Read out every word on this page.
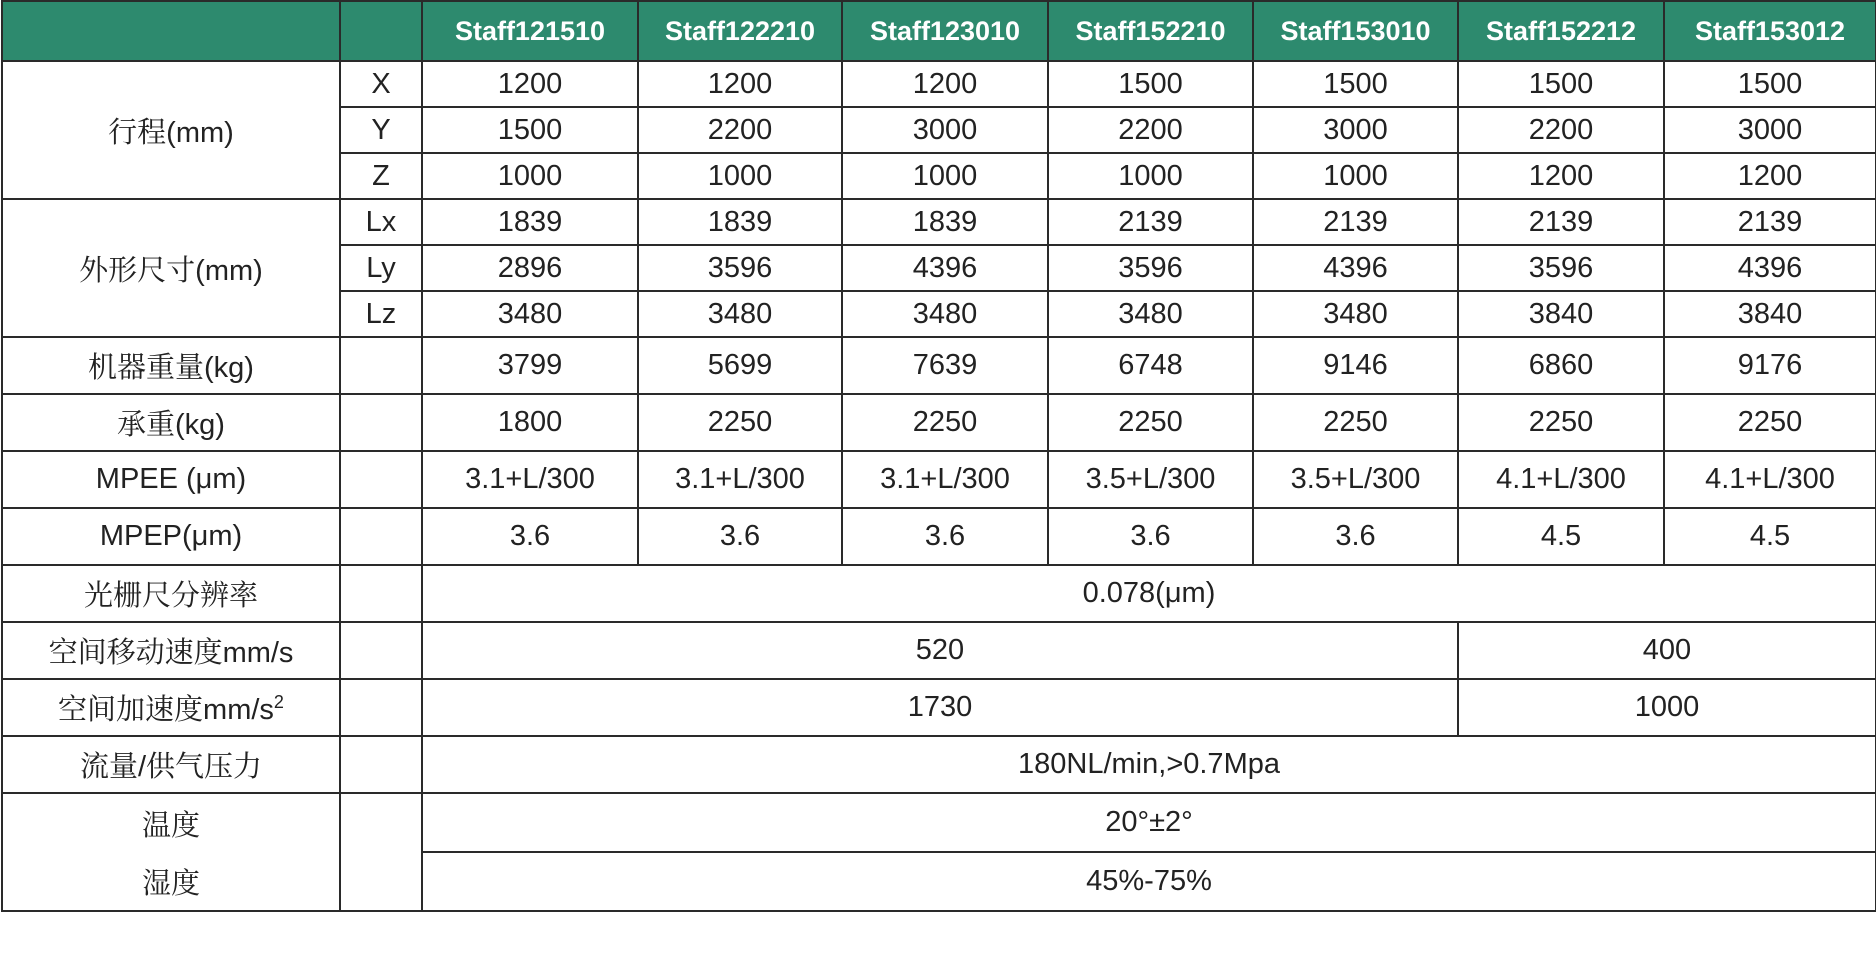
		Staff121510	Staff122210	Staff123010	Staff152210	Staff153010	Staff152212	Staff153012
行程(mm)	X	1200	1200	1200	1500	1500	1500	1500
	Y	1500	2200	3000	2200	3000	2200	3000
	Z	1000	1000	1000	1000	1000	1200	1200
外形尺寸(mm)	Lx	1839	1839	1839	2139	2139	2139	2139
	Ly	2896	3596	4396	3596	4396	3596	4396
	Lz	3480	3480	3480	3480	3480	3840	3840
机器重量(kg)		3799	5699	7639	6748	9146	6860	9176
承重(kg)		1800	2250	2250	2250	2250	2250	2250
MPEE (μm)		3.1+L/300	3.1+L/300	3.1+L/300	3.5+L/300	3.5+L/300	4.1+L/300	4.1+L/300
MPEP(μm)		3.6	3.6	3.6	3.6	3.6	4.5	4.5
光栅尺分辨率		0.078(μm)						
空间移动速度mm/s		520					400	
空间加速度$mm/s^2$		1730					1000	
流量/供气压力		180NL/min,>0.7Mpa						
温度		20°±2°						
湿度		45%-75%						
